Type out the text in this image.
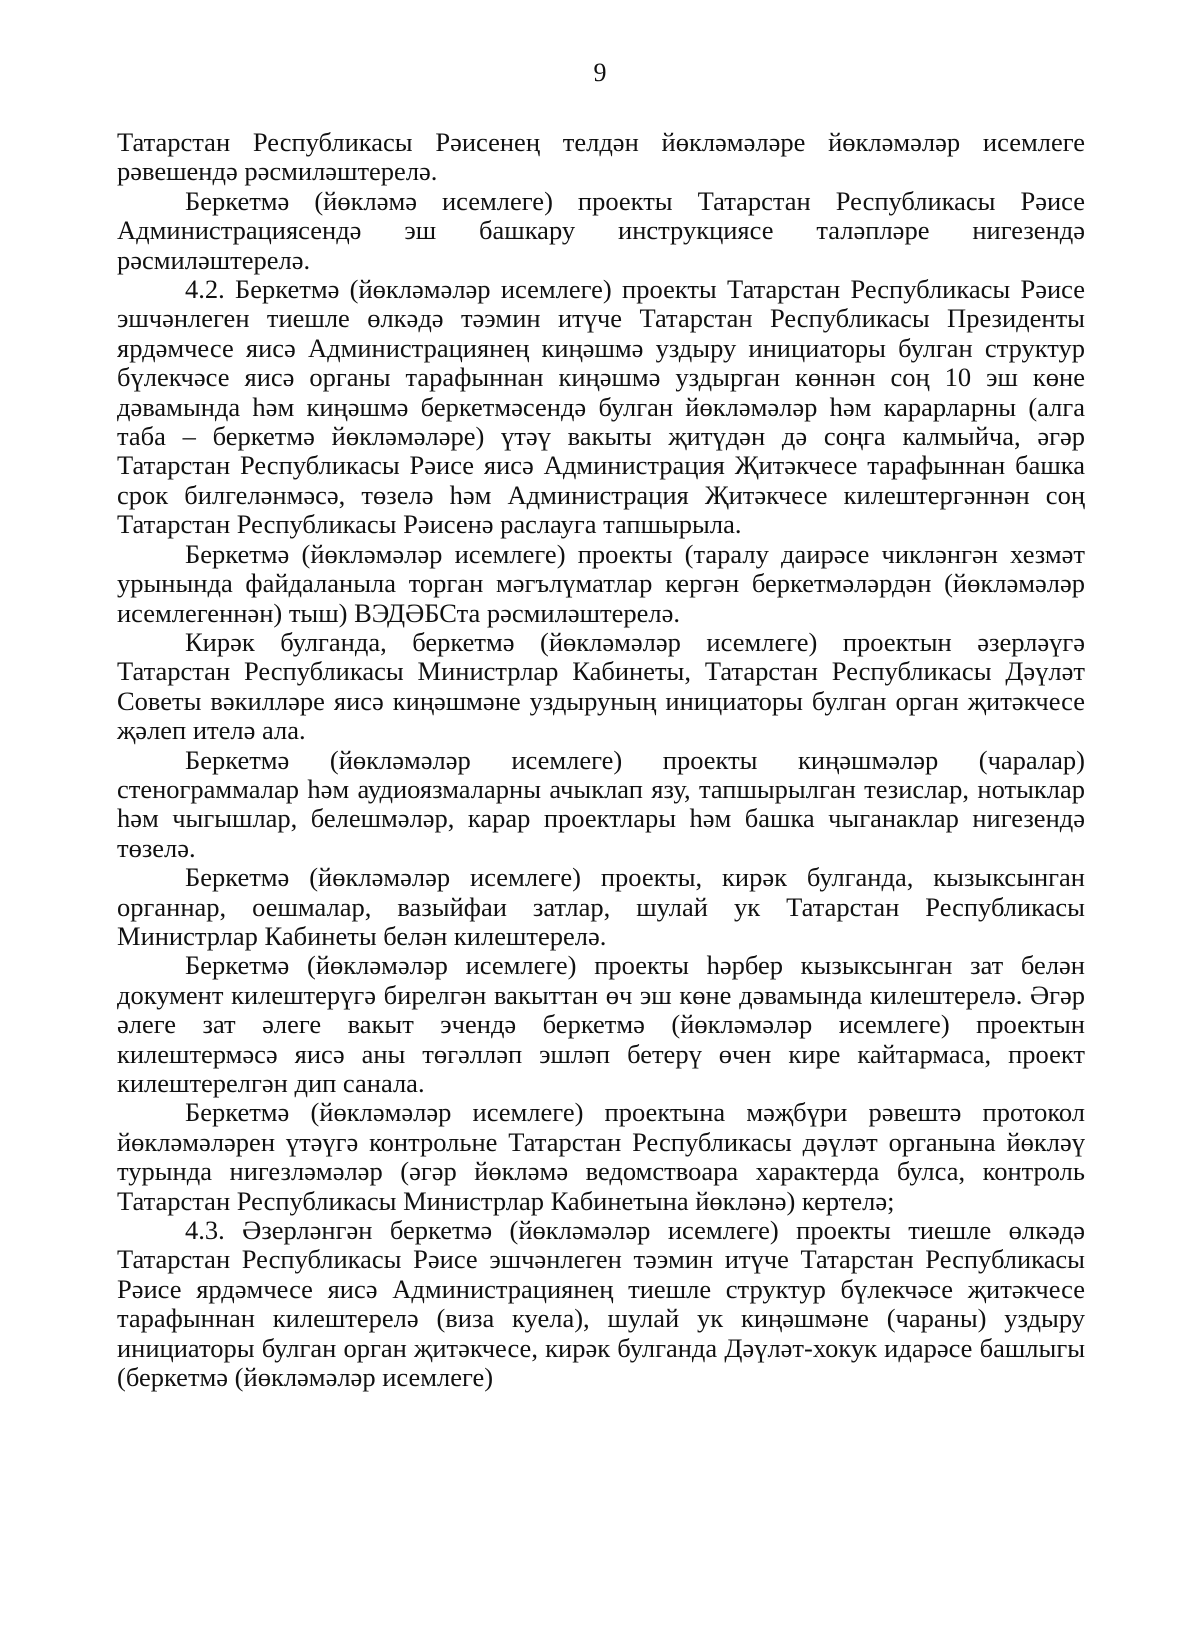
9

Татарстан Республикасы Рәисенең телдән йөкләмәләре йөкләмәләр исемлеге рәвешендә рәсмиләштерелә.

Беркетмә (йөкләмә исемлеге) проекты Татарстан Республикасы Рәисе Администрациясендә эш башкару инструкциясе таләпләре нигезендә рәсмиләштерелә.

4.2. Беркетмә (йөкләмәләр исемлеге) проекты Татарстан Республикасы Рәисе эшчәнлеген тиешле өлкәдә тәэмин итүче Татарстан Республикасы Президенты ярдәмчесе яисә Администрациянең киңәшмә уздыру инициаторы булган структур бүлекчәсе яисә органы тарафыннан киңәшмә уздырган көннән соң 10 эш көне дәвамында һәм киңәшмә беркетмәсендә булган йөкләмәләр һәм карарларны (алга таба – беркетмә йөкләмәләре) үтәү вакыты җитүдән дә соңга калмыйча, әгәр Татарстан Республикасы Рәисе яисә Администрация Җитәкчесе тарафыннан башка срок билгеләнмәсә, төзелә һәм Администрация Җитәкчесе килештергәннән соң Татарстан Республикасы Рәисенә раслауга тапшырыла.

Беркетмә (йөкләмәләр исемлеге) проекты (таралу даирәсе чикләнгән хезмәт урынында файдаланыла торган мәгълүматлар кергән беркетмәләрдән (йөкләмәләр исемлегеннән) тыш) ВЭДӘБСта рәсмиләштерелә.

Кирәк булганда, беркетмә (йөкләмәләр исемлеге) проектын әзерләүгә Татарстан Республикасы Министрлар Кабинеты, Татарстан Республикасы Дәүләт Советы вәкилләре яисә киңәшмәне уздыруның инициаторы булган орган җитәкчесе җәлеп ителә ала.

Беркетмә (йөкләмәләр исемлеге) проекты киңәшмәләр (чаралар) стенограммалар һәм аудиоязмаларны ачыклап язу, тапшырылган тезислар, нотыклар һәм чыгышлар, белешмәләр, карар проектлары һәм башка чыганаклар нигезендә төзелә.

Беркетмә (йөкләмәләр исемлеге) проекты, кирәк булганда, кызыксынган органнар, оешмалар, вазыйфаи затлар, шулай ук Татарстан Республикасы Министрлар Кабинеты белән килештерелә.

Беркетмә (йөкләмәләр исемлеге) проекты һәрбер кызыксынган зат белән документ килештерүгә бирелгән вакыттан өч эш көне дәвамында килештерелә. Әгәр әлеге зат әлеге вакыт эчендә беркетмә (йөкләмәләр исемлеге) проектын килештермәсә яисә аны төгәлләп эшләп бетерү өчен кире кайтармаса, проект килештерелгән дип санала.

Беркетмә (йөкләмәләр исемлеге) проектына мәҗбүри рәвештә протокол йөкләмәләрен үтәүгә контрольне Татарстан Республикасы дәүләт органына йөкләү турында нигезләмәләр (әгәр йөкләмә ведомствоара характерда булса, контроль Татарстан Республикасы Министрлар Кабинетына йөкләнә) кертелә;

4.3. Әзерләнгән беркетмә (йөкләмәләр исемлеге) проекты тиешле өлкәдә Татарстан Республикасы Рәисе эшчәнлеген тәэмин итүче Татарстан Республикасы Рәисе ярдәмчесе яисә Администрациянең тиешле структур бүлекчәсе җитәкчесе тарафыннан килештерелә (виза куела), шулай ук киңәшмәне (чараны) уздыру инициаторы булган орган җитәкчесе, кирәк булганда Дәүләт-хокук идарәсе башлыгы (беркетмә (йөкләмәләр исемлеге)
